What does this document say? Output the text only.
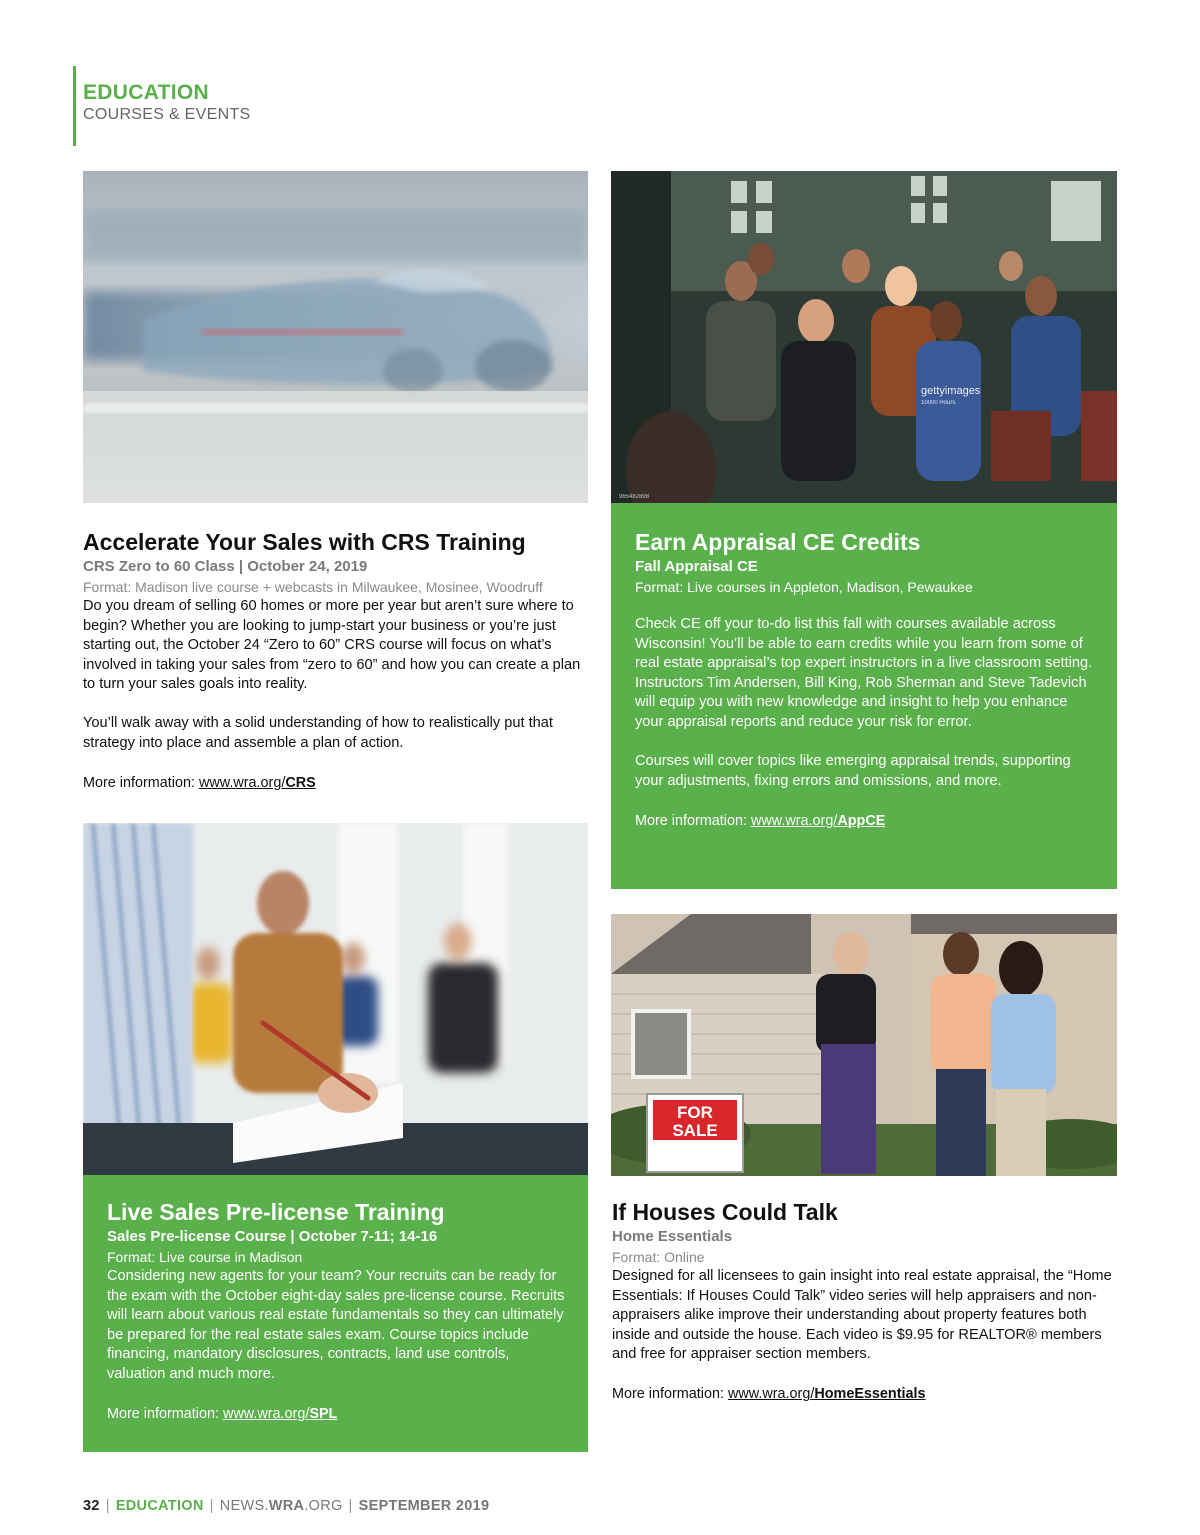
EDUCATION
COURSES & EVENTS
gettyimages
10000 Hours
965482898
Accelerate Your Sales with CRS Training
CRS Zero to 60 Class | October 24, 2019
Format: Madison live course + webcasts in Milwaukee, Mosinee, Woodruff

Do you dream of selling 60 homes or more per year but aren’t sure where to begin? Whether you are looking to jump-start your business or you’re just starting out, the October 24 “Zero to 60” CRS course will focus on what’s involved in taking your sales from “zero to 60” and how you can create a plan to turn your sales goals into reality.

You’ll walk away with a solid understanding of how to realistically put that strategy into place and assemble a plan of action.

More information: www.wra.org/CRS
Earn Appraisal CE Credits
Fall Appraisal CE
Format: Live courses in Appleton, Madison, Pewaukee

Check CE off your to-do list this fall with courses available across Wisconsin! You’ll be able to earn credits while you learn from some of real estate appraisal’s top expert instructors in a live classroom setting. Instructors Tim Andersen, Bill King, Rob Sherman and Steve Tadevich will equip you with new knowledge and insight to help you enhance your appraisal reports and reduce your risk for error.

Courses will cover topics like emerging appraisal trends, supporting your adjustments, fixing errors and omissions, and more.

More information: www.wra.org/AppCE
Live Sales Pre-license Training
Sales Pre-license Course | October 7-11; 14-16
Format: Live course in Madison

Considering new agents for your team? Your recruits can be ready for the exam with the October eight-day sales pre-license course. Recruits will learn about various real estate fundamentals so they can ultimately be prepared for the real estate sales exam. Course topics include financing, mandatory disclosures, contracts, land use controls, valuation and much more.

More information: www.wra.org/SPL
FOR
SALE
If Houses Could Talk
Home Essentials
Format: Online

Designed for all licensees to gain insight into real estate appraisal, the “Home Essentials: If Houses Could Talk” video series will help appraisers and non-appraisers alike improve their understanding about property features both inside and outside the house. Each video is $9.95 for REALTOR® members and free for appraiser section members.

More information: www.wra.org/HomeEssentials
32 | EDUCATION | NEWS.WRA.ORG | SEPTEMBER 2019
